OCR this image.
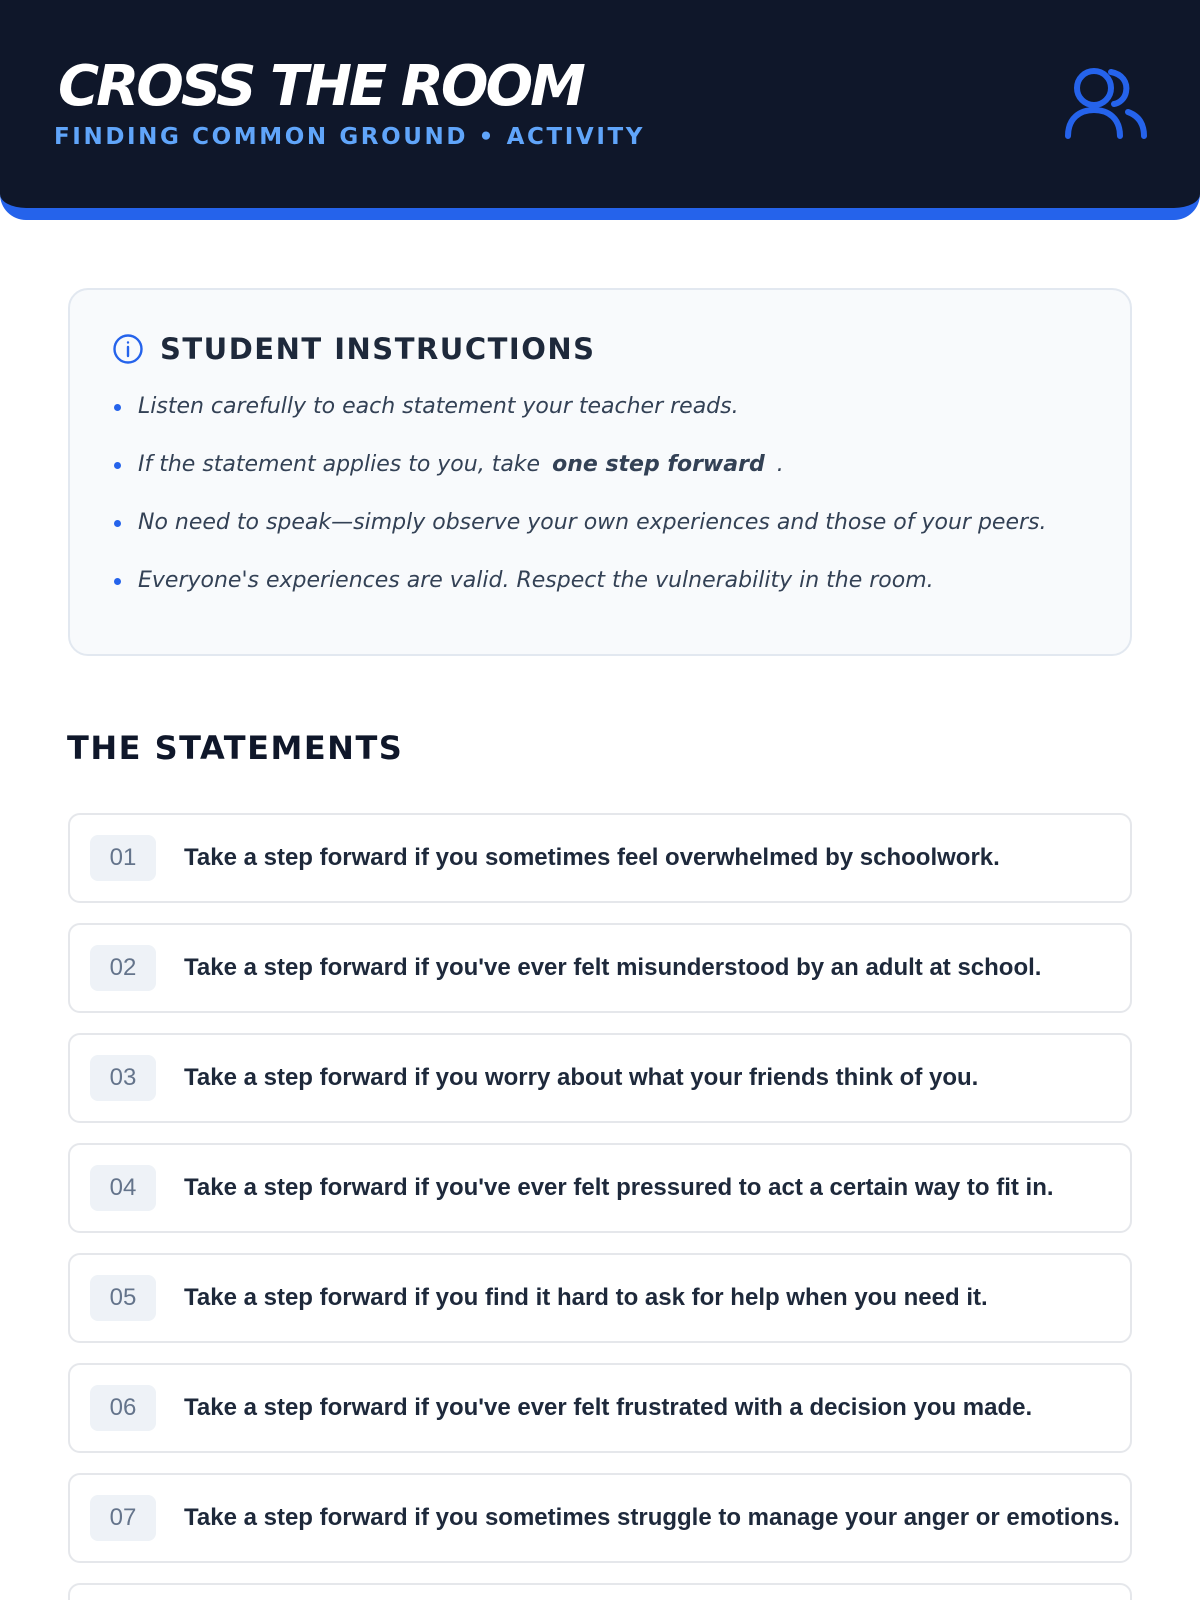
CROSS THE ROOM
FINDING COMMON GROUND • ACTIVITY
STUDENT INSTRUCTIONS
Listen carefully to each statement your teacher reads.
If the statement applies to you, take one step forward .
No need to speak—simply observe your own experiences and those of your peers.
Everyone's experiences are valid. Respect the vulnerability in the room.
THE STATEMENTS
01	Take a step forward if you sometimes feel overwhelmed by schoolwork.
02	Take a step forward if you've ever felt misunderstood by an adult at school.
03	Take a step forward if you worry about what your friends think of you.
04	Take a step forward if you've ever felt pressured to act a certain way to fit in.
05	Take a step forward if you find it hard to ask for help when you need it.
06	Take a step forward if you've ever felt frustrated with a decision you made.
07	Take a step forward if you sometimes struggle to manage your anger or emotions.
